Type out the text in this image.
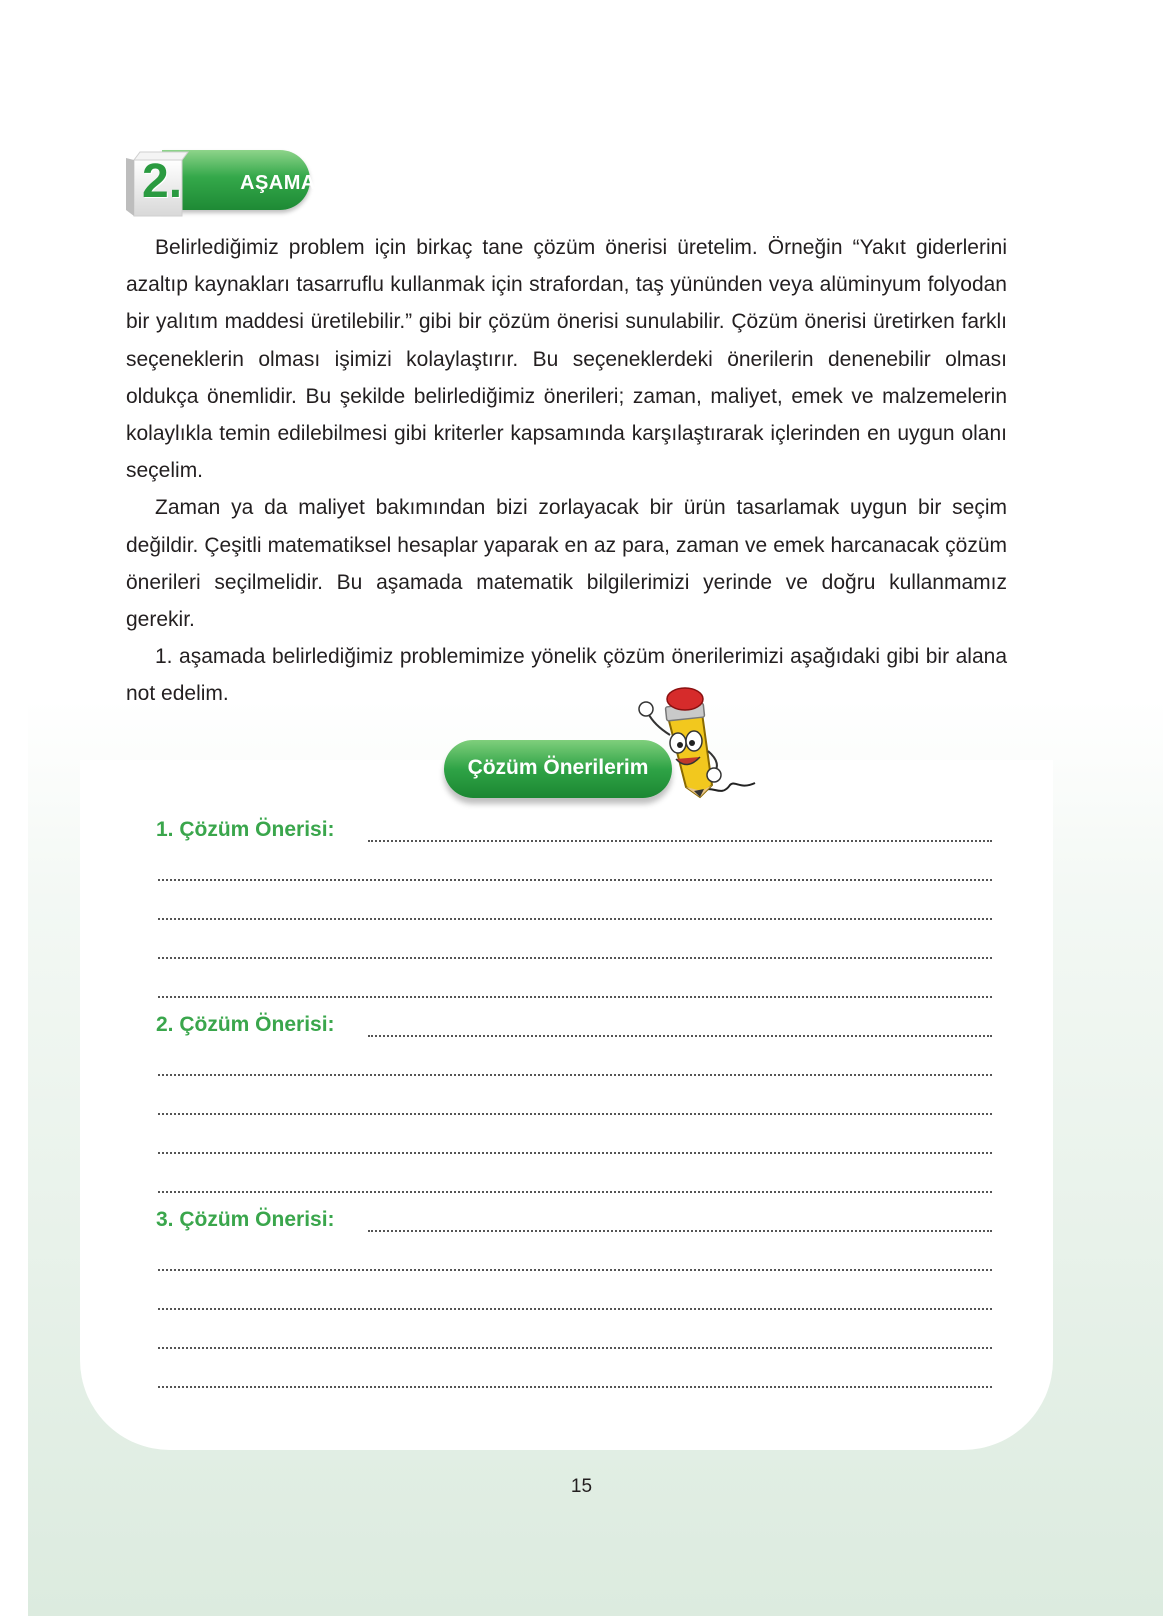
AŞAMA
2.

Belirlediğimiz problem için birkaç tane çözüm önerisi üretelim. Örneğin “Yakıt giderlerini azaltıp kaynakları tasarruflu kullanmak için strafordan, taş yününden veya alüminyum folyodan bir yalıtım maddesi üretilebilir.” gibi bir çözüm önerisi sunulabilir. Çözüm önerisi üretirken farklı seçeneklerin olması işimizi kolaylaştırır. Bu seçeneklerdeki önerilerin denenebilir olması oldukça önemlidir. Bu şekilde belirlediğimiz önerileri; zaman, maliyet, emek ve malzemelerin kolaylıkla temin edilebilmesi gibi kriterler kapsamında karşılaştırarak içlerinden en uygun olanı seçelim.

Zaman ya da maliyet bakımından bizi zorlayacak bir ürün tasarlamak uygun bir seçim değildir. Çeşitli matematiksel hesaplar yaparak en az para, zaman ve emek harcanacak çözüm önerileri seçilmelidir. Bu aşamada matematik bilgilerimizi yerinde ve doğru kullanmamız gerekir.

1. aşamada belirlediğimiz problemimize yönelik çözüm önerilerimizi aşağıdaki gibi bir alana not edelim.

Çözüm Önerilerim
1. Çözüm Önerisi:
2. Çözüm Önerisi:
3. Çözüm Önerisi:
15
